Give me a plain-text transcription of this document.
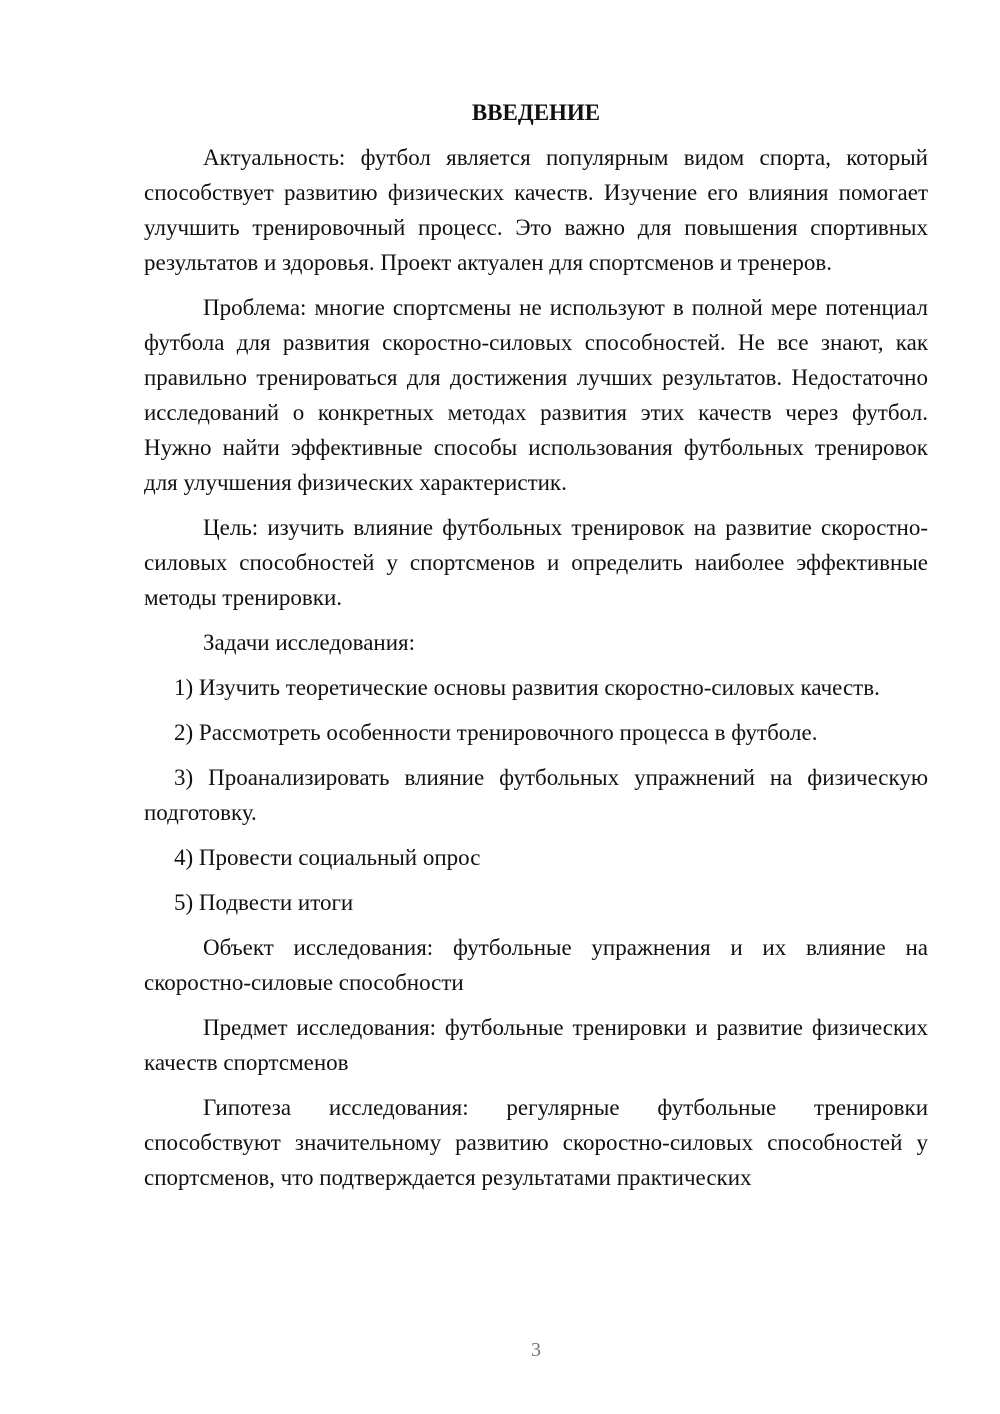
ВВЕДЕНИЕ

Актуальность: футбол является популярным видом спорта, который способствует развитию физических качеств. Изучение его влияния помогает улучшить тренировочный процесс. Это важно для повышения спортивных результатов и здоровья. Проект актуален для спортсменов и тренеров.

Проблема: многие спортсмены не используют в полной мере потенциал футбола для развития скоростно-силовых способностей. Не все знают, как правильно тренироваться для достижения лучших результатов. Недостаточно исследований о конкретных методах развития этих качеств через футбол. Нужно найти эффективные способы использования футбольных тренировок для улучшения физических характеристик.

Цель: изучить влияние футбольных тренировок на развитие скоростно-силовых способностей у спортсменов и определить наиболее эффективные методы тренировки.

Задачи исследования:

1) Изучить теоретические основы развития скоростно-силовых качеств.

2) Рассмотреть особенности тренировочного процесса в футболе.

3) Проанализировать влияние футбольных упражнений на физическую подготовку.

4) Провести социальный опрос

5) Подвести итоги

Объект исследования: футбольные упражнения и их влияние на скоростно-силовые способности

Предмет исследования: футбольные тренировки и развитие физических качеств спортсменов

Гипотеза исследования: регулярные футбольные тренировки способствуют значительному развитию скоростно-силовых способностей у спортсменов, что подтверждается результатами практических

3
